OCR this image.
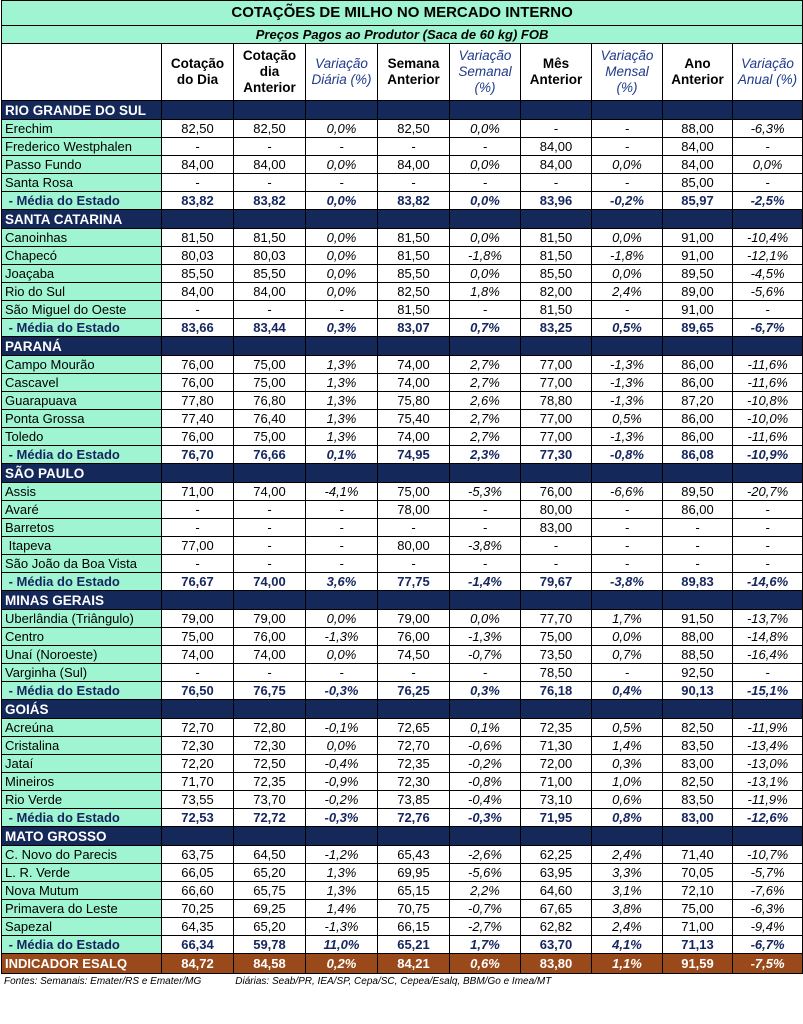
COTAÇÕES DE MILHO NO MERCADO INTERNO									
Preços Pagos ao Produtor (Saca de 60 kg) FOB									
	Cotação do Dia	Cotação dia Anterior	Variação Diária (%)	Semana Anterior	Variação Semanal (%)	Mês Anterior	Variação Mensal (%)	Ano Anterior	Variação Anual (%)
RIO GRANDE DO SUL									
Erechim	82,50	82,50	0,0%	82,50	0,0%	-	-	88,00	-6,3%
Frederico Westphalen	-	-	-	-	-	84,00	-	84,00	-
Passo Fundo	84,00	84,00	0,0%	84,00	0,0%	84,00	0,0%	84,00	0,0%
Santa Rosa	-	-	-	-	-	-	-	85,00	-
- Média do Estado	83,82	83,82	0,0%	83,82	0,0%	83,96	-0,2%	85,97	-2,5%
SANTA CATARINA									
Canoinhas	81,50	81,50	0,0%	81,50	0,0%	81,50	0,0%	91,00	-10,4%
Chapecó	80,03	80,03	0,0%	81,50	-1,8%	81,50	-1,8%	91,00	-12,1%
Joaçaba	85,50	85,50	0,0%	85,50	0,0%	85,50	0,0%	89,50	-4,5%
Rio do Sul	84,00	84,00	0,0%	82,50	1,8%	82,00	2,4%	89,00	-5,6%
São Miguel do Oeste	-	-	-	81,50	-	81,50	-	91,00	-
- Média do Estado	83,66	83,44	0,3%	83,07	0,7%	83,25	0,5%	89,65	-6,7%
PARANÁ									
Campo Mourão	76,00	75,00	1,3%	74,00	2,7%	77,00	-1,3%	86,00	-11,6%
Cascavel	76,00	75,00	1,3%	74,00	2,7%	77,00	-1,3%	86,00	-11,6%
Guarapuava	77,80	76,80	1,3%	75,80	2,6%	78,80	-1,3%	87,20	-10,8%
Ponta Grossa	77,40	76,40	1,3%	75,40	2,7%	77,00	0,5%	86,00	-10,0%
Toledo	76,00	75,00	1,3%	74,00	2,7%	77,00	-1,3%	86,00	-11,6%
- Média do Estado	76,70	76,66	0,1%	74,95	2,3%	77,30	-0,8%	86,08	-10,9%
SÃO PAULO									
Assis	71,00	74,00	-4,1%	75,00	-5,3%	76,00	-6,6%	89,50	-20,7%
Avaré	-	-	-	78,00	-	80,00	-	86,00	-
Barretos	-	-	-	-	-	83,00	-	-	-
Itapeva	77,00	-	-	80,00	-3,8%	-	-	-	-
São João da Boa Vista	-	-	-	-	-	-	-	-	-
- Média do Estado	76,67	74,00	3,6%	77,75	-1,4%	79,67	-3,8%	89,83	-14,6%
MINAS GERAIS									
Uberlândia (Triângulo)	79,00	79,00	0,0%	79,00	0,0%	77,70	1,7%	91,50	-13,7%
Centro	75,00	76,00	-1,3%	76,00	-1,3%	75,00	0,0%	88,00	-14,8%
Unaí (Noroeste)	74,00	74,00	0,0%	74,50	-0,7%	73,50	0,7%	88,50	-16,4%
Varginha (Sul)	-	-	-	-	-	78,50	-	92,50	-
- Média do Estado	76,50	76,75	-0,3%	76,25	0,3%	76,18	0,4%	90,13	-15,1%
GOIÁS									
Acreúna	72,70	72,80	-0,1%	72,65	0,1%	72,35	0,5%	82,50	-11,9%
Cristalina	72,30	72,30	0,0%	72,70	-0,6%	71,30	1,4%	83,50	-13,4%
Jataí	72,20	72,50	-0,4%	72,35	-0,2%	72,00	0,3%	83,00	-13,0%
Mineiros	71,70	72,35	-0,9%	72,30	-0,8%	71,00	1,0%	82,50	-13,1%
Rio Verde	73,55	73,70	-0,2%	73,85	-0,4%	73,10	0,6%	83,50	-11,9%
- Média do Estado	72,53	72,72	-0,3%	72,76	-0,3%	71,95	0,8%	83,00	-12,6%
MATO GROSSO									
C. Novo do Parecis	63,75	64,50	-1,2%	65,43	-2,6%	62,25	2,4%	71,40	-10,7%
L. R. Verde	66,05	65,20	1,3%	69,95	-5,6%	63,95	3,3%	70,05	-5,7%
Nova Mutum	66,60	65,75	1,3%	65,15	2,2%	64,60	3,1%	72,10	-7,6%
Primavera do Leste	70,25	69,25	1,4%	70,75	-0,7%	67,65	3,8%	75,00	-6,3%
Sapezal	64,35	65,20	-1,3%	66,15	-2,7%	62,82	2,4%	71,00	-9,4%
- Média do Estado	66,34	59,78	11,0%	65,21	1,7%	63,70	4,1%	71,13	-6,7%
INDICADOR ESALQ	84,72	84,58	0,2%	84,21	0,6%	83,80	1,1%	91,59	-7,5%
Fontes: Semanais: Emater/RS e Emater/MG	Diárias: Seab/PR, IEA/SP, Cepa/SC, Cepea/Esalq, BBM/Go e Imea/MT
